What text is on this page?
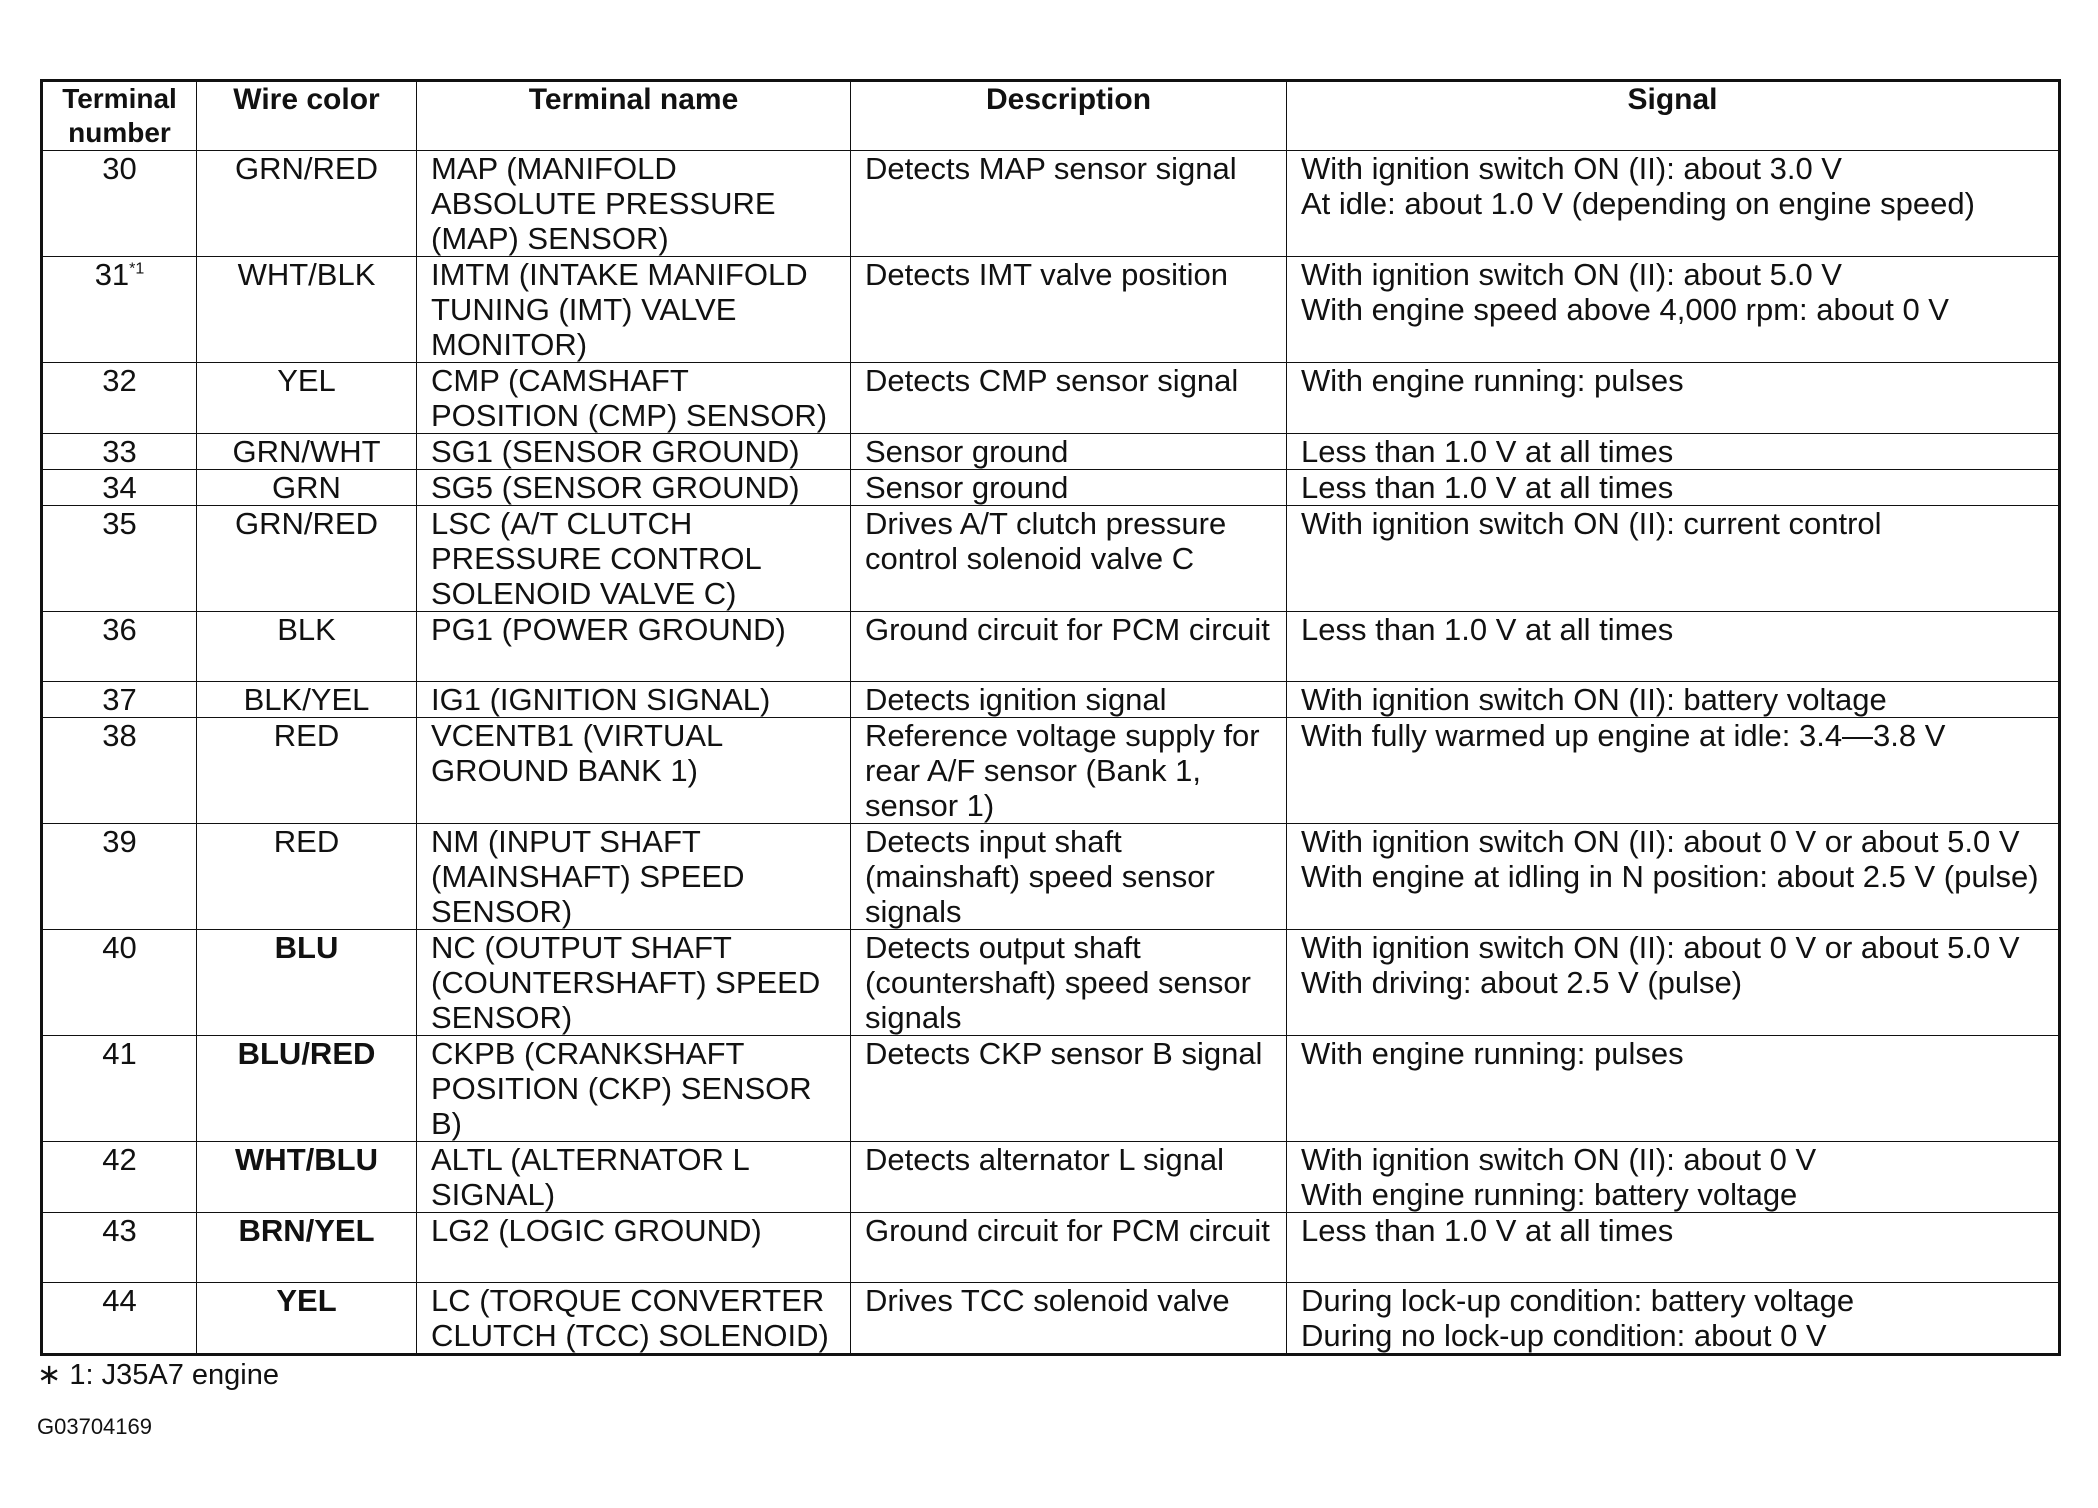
Terminal number	Wire color	Terminal name	Description	Signal
30	GRN/RED	MAP (MANIFOLD ABSOLUTE PRESSURE (MAP) SENSOR)	Detects MAP sensor signal	With ignition switch ON (II): about 3.0 V
At idle: about 1.0 V (depending on engine speed)

31$^{*1}$	WHT/BLK	IMTM (INTAKE MANIFOLD TUNING (IMT) VALVE MONITOR)	Detects IMT valve position	With ignition switch ON (II): about 5.0 V
With engine speed above 4,000 rpm: about 0 V

32	YEL	CMP (CAMSHAFT POSITION (CMP) SENSOR)	Detects CMP sensor signal	With engine running: pulses

33	GRN/WHT	SG1 (SENSOR GROUND)	Sensor ground	Less than 1.0 V at all times

34	GRN	SG5 (SENSOR GROUND)	Sensor ground	Less than 1.0 V at all times

35	GRN/RED	LSC (A/T CLUTCH PRESSURE CONTROL SOLENOID VALVE C)	Drives A/T clutch pressure control solenoid valve C	With ignition switch ON (II): current control

36	BLK	PG1 (POWER GROUND)	Ground circuit for PCM circuit	Less than 1.0 V at all times

37	BLK/YEL	IG1 (IGNITION SIGNAL)	Detects ignition signal	With ignition switch ON (II): battery voltage

38	RED	VCENTB1 (VIRTUAL GROUND BANK 1)	Reference voltage supply for rear A/F sensor (Bank 1, sensor 1)	With fully warmed up engine at idle: 3.4—3.8 V

39	RED	NM (INPUT SHAFT (MAINSHAFT) SPEED SENSOR)	Detects input shaft (mainshaft) speed sensor signals	With ignition switch ON (II): about 0 V or about 5.0 V
With engine at idling in N position: about 2.5 V (pulse)

40	BLU	NC (OUTPUT SHAFT (COUNTERSHAFT) SPEED SENSOR)	Detects output shaft (countershaft) speed sensor signals	With ignition switch ON (II): about 0 V or about 5.0 V
With driving: about 2.5 V (pulse)

41	BLU/RED	CKPB (CRANKSHAFT POSITION (CKP) SENSOR B)	Detects CKP sensor B signal	With engine running: pulses

42	WHT/BLU	ALTL (ALTERNATOR L SIGNAL)	Detects alternator L signal	With ignition switch ON (II): about 0 V
With engine running: battery voltage

43	BRN/YEL	LG2 (LOGIC GROUND)	Ground circuit for PCM circuit	Less than 1.0 V at all times

44	YEL	LC (TORQUE CONVERTER CLUTCH (TCC) SOLENOID)	Drives TCC solenoid valve	During lock-up condition: battery voltage
During no lock-up condition: about 0 V
∗ 1: J35A7 engine
G03704169
